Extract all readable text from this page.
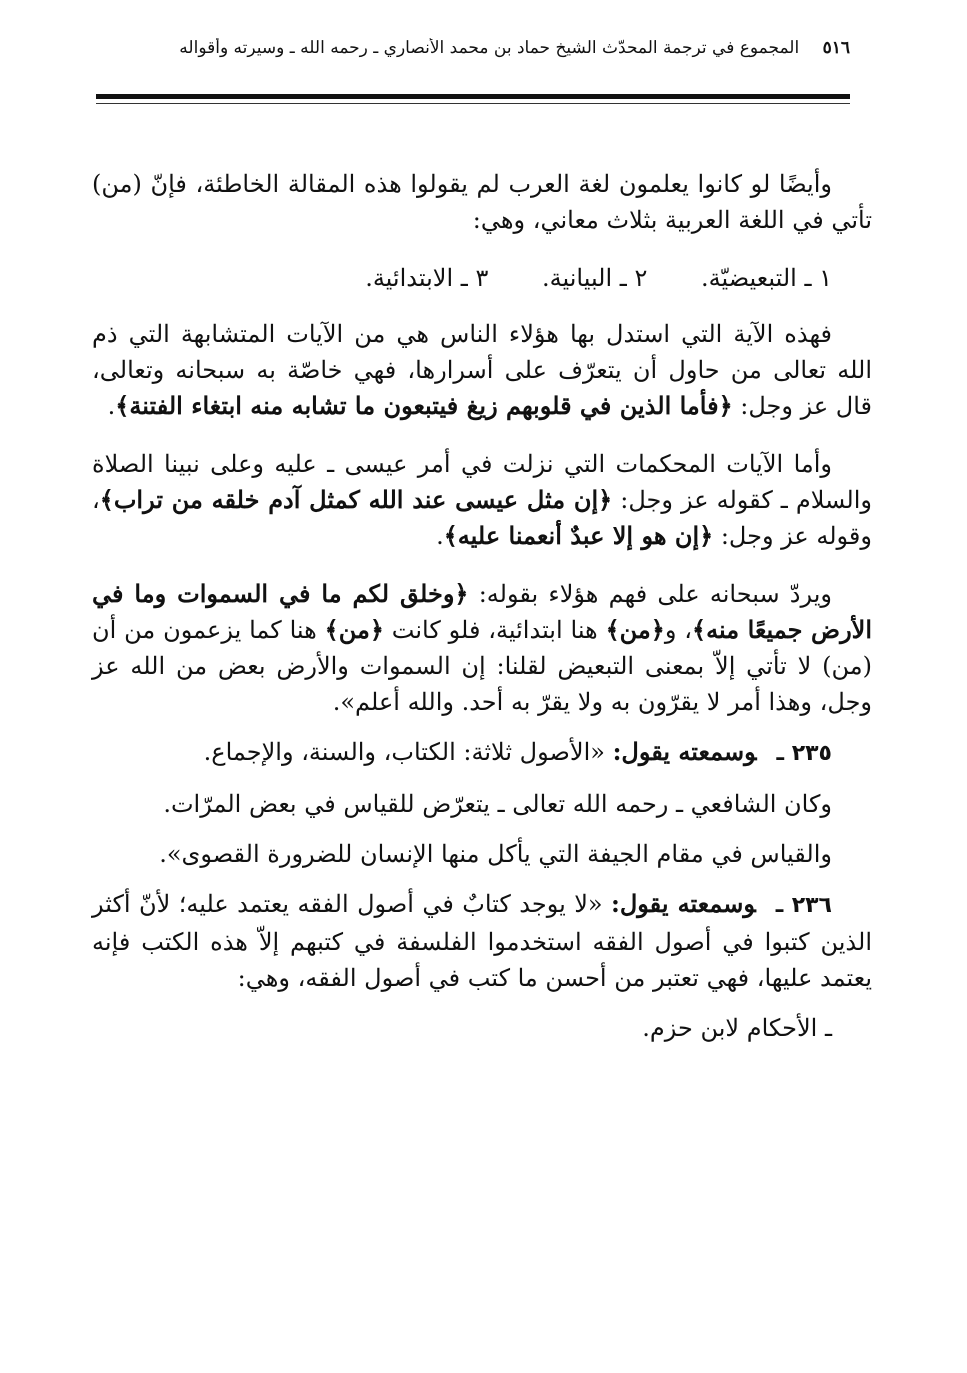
٥١٦ المجموع في ترجمة المحدّث الشيخ حماد بن محمد الأنصاري ـ رحمه الله ـ وسيرته وأقواله

وأيضًا لو كانوا يعلمون لغة العرب لم يقولوا هذه المقالة الخاطئة، فإنّ (من) تأتي في اللغة العربية بثلاث معاني، وهي:

١ ـ التبعيضيّة. ٢ ـ البيانية. ٣ ـ الابتدائية.

فهذه الآية التي استدل بها هؤلاء الناس هي من الآيات المتشابهة التي ذم الله تعالى من حاول أن يتعرّف على أسرارها، فهي خاصّة به سبحانه وتعالى، قال عز وجل: ﴿فأما الذين في قلوبهم زيغ فيتبعون ما تشابه منه ابتغاء الفتنة﴾.

وأما الآيات المحكمات التي نزلت في أمر عيسى ـ عليه وعلى نبينا الصلاة والسلام ـ كقوله عز وجل: ﴿إن مثل عيسى عند الله كمثل آدم خلقه من تراب﴾، وقوله عز وجل: ﴿إن هو إلا عبدٌ أنعمنا عليه﴾.

ويردّ سبحانه على فهم هؤلاء بقوله: ﴿وخلق لكم ما في السموات وما في الأرض جميعًا منه﴾، و﴿من﴾ هنا ابتدائية، فلو كانت ﴿من﴾ هنا كما يزعمون من أن (من) لا تأتي إلاّ بمعنى التبعيض لقلنا: إن السموات والأرض بعض من الله عز وجل، وهذا أمر لا يقرّون به ولا يقرّ به أحد. والله أعلم».

٢٣٥ ـوسمعته يقول: «الأصول ثلاثة: الكتاب، والسنة، والإجماع.

وكان الشافعي ـ رحمه الله تعالى ـ يتعرّض للقياس في بعض المرّات.

والقياس في مقام الجيفة التي يأكل منها الإنسان للضرورة القصوى».

٢٣٦ ـوسمعته يقول: «لا يوجد كتابٌ في أصول الفقه يعتمد عليه؛ لأنّ أكثر الذين كتبوا في أصول الفقه استخدموا الفلسفة في كتبهم إلاّ هذه الكتب فإنه يعتمد عليها، فهي تعتبر من أحسن ما كتب في أصول الفقه، وهي:

ـ الأحكام لابن حزم.
